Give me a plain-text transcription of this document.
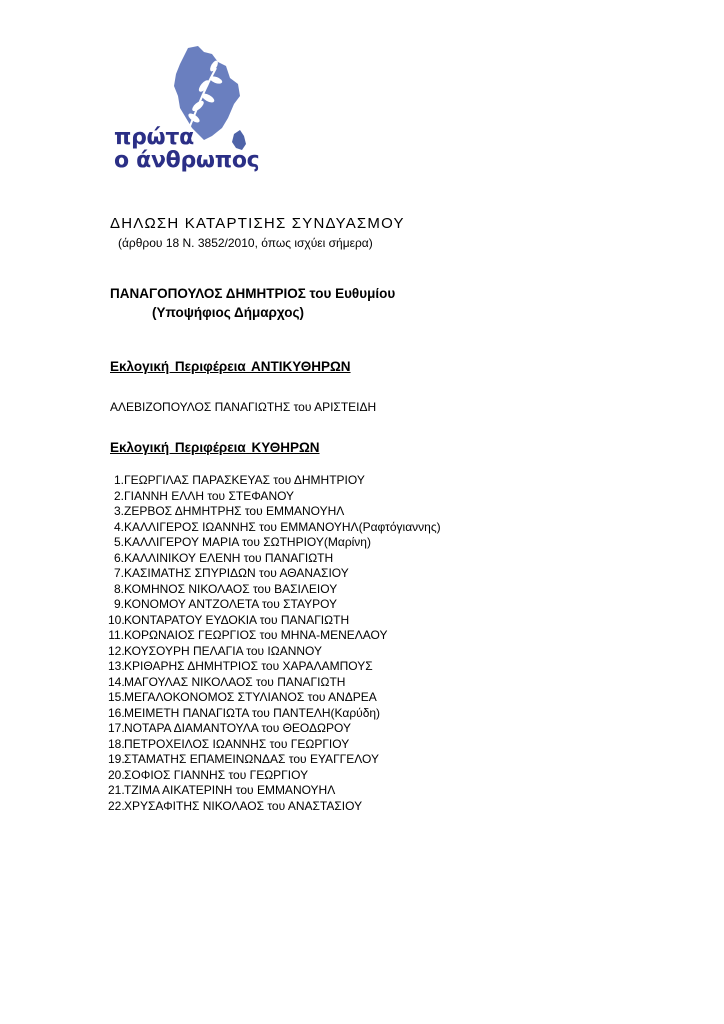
πρώτα
ο άνθρωπος
ΔΗΛΩΣΗ ΚΑΤΑΡΤΙΣΗΣ ΣΥΝΔΥΑΣΜΟΥ
(άρθρου 18 Ν. 3852/2010, όπως ισχύει σήμερα)
ΠΑΝΑΓΟΠΟΥΛΟΣ ΔΗΜΗΤΡΙΟΣ του Ευθυμίου
(Υποψήφιος Δήμαρχος)
Εκλογική Περιφέρεια ΑΝΤΙΚΥΘΗΡΩΝ
ΑΛΕΒΙΖΟΠΟΥΛΟΣ ΠΑΝΑΓΙΩΤΗΣ του ΑΡΙΣΤΕΙΔΗ
Εκλογική Περιφέρεια ΚΥΘΗΡΩΝ
1.ΓΕΩΡΓΙΛΑΣ ΠΑΡΑΣΚΕΥΑΣ του ΔΗΜΗΤΡΙΟΥ
2.ΓΙΑΝΝΗ ΕΛΛΗ του ΣΤΕΦΑΝΟΥ
3.ΖΕΡΒΟΣ ΔΗΜΗΤΡΗΣ του ΕΜΜΑΝΟΥΗΛ
4.ΚΑΛΛΙΓΕΡΟΣ ΙΩΑΝΝΗΣ του ΕΜΜΑΝΟΥΗΛ(Ραφτόγιαννης)
5.ΚΑΛΛΙΓΕΡΟΥ ΜΑΡΙΑ του ΣΩΤΗΡΙΟΥ(Μαρίνη)
6.ΚΑΛΛΙΝΙΚΟΥ ΕΛΕΝΗ του ΠΑΝΑΓΙΩΤΗ
7.ΚΑΣΙΜΑΤΗΣ ΣΠΥΡΙΔΩΝ του ΑΘΑΝΑΣΙΟΥ
8.ΚΟΜΗΝΟΣ ΝΙΚΟΛΑΟΣ του ΒΑΣΙΛΕΙΟΥ
9.ΚΟΝΟΜΟΥ ΑΝΤΖΟΛΕΤΑ του ΣΤΑΥΡΟΥ
10.ΚΟΝΤΑΡΑΤΟΥ ΕΥΔΟΚΙΑ του ΠΑΝΑΓΙΩΤΗ
11.ΚΟΡΩΝΑΙΟΣ ΓΕΩΡΓΙΟΣ του ΜΗΝΑ-ΜΕΝΕΛΑΟΥ
12.ΚΟΥΣΟΥΡΗ ΠΕΛΑΓΙΑ του ΙΩΑΝΝΟΥ
13.ΚΡΙΘΑΡΗΣ ΔΗΜΗΤΡΙΟΣ του ΧΑΡΑΛΑΜΠΟΥΣ
14.ΜΑΓΟΥΛΑΣ ΝΙΚΟΛΑΟΣ του ΠΑΝΑΓΙΩΤΗ
15.ΜΕΓΑΛΟΚΟΝΟΜΟΣ ΣΤΥΛΙΑΝΟΣ του ΑΝΔΡΕΑ
16.ΜΕΙΜΕΤΗ ΠΑΝΑΓΙΩΤΑ του ΠΑΝΤΕΛΗ(Καρύδη)
17.ΝΟΤΑΡΑ ΔΙΑΜΑΝΤΟΥΛΑ του ΘΕΟΔΩΡΟΥ
18.ΠΕΤΡΟΧΕΙΛΟΣ ΙΩΑΝΝΗΣ του ΓΕΩΡΓΙΟΥ
19.ΣΤΑΜΑΤΗΣ ΕΠΑΜΕΙΝΩΝΔΑΣ του ΕΥΑΓΓΕΛΟΥ
20.ΣΟΦΙΟΣ ΓΙΑΝΝΗΣ του ΓΕΩΡΓΙΟΥ
21.ΤΖΙΜΑ ΑΙΚΑΤΕΡΙΝΗ του ΕΜΜΑΝΟΥΗΛ
22.ΧΡΥΣΑΦΙΤΗΣ ΝΙΚΟΛΑΟΣ του ΑΝΑΣΤΑΣΙΟΥ
